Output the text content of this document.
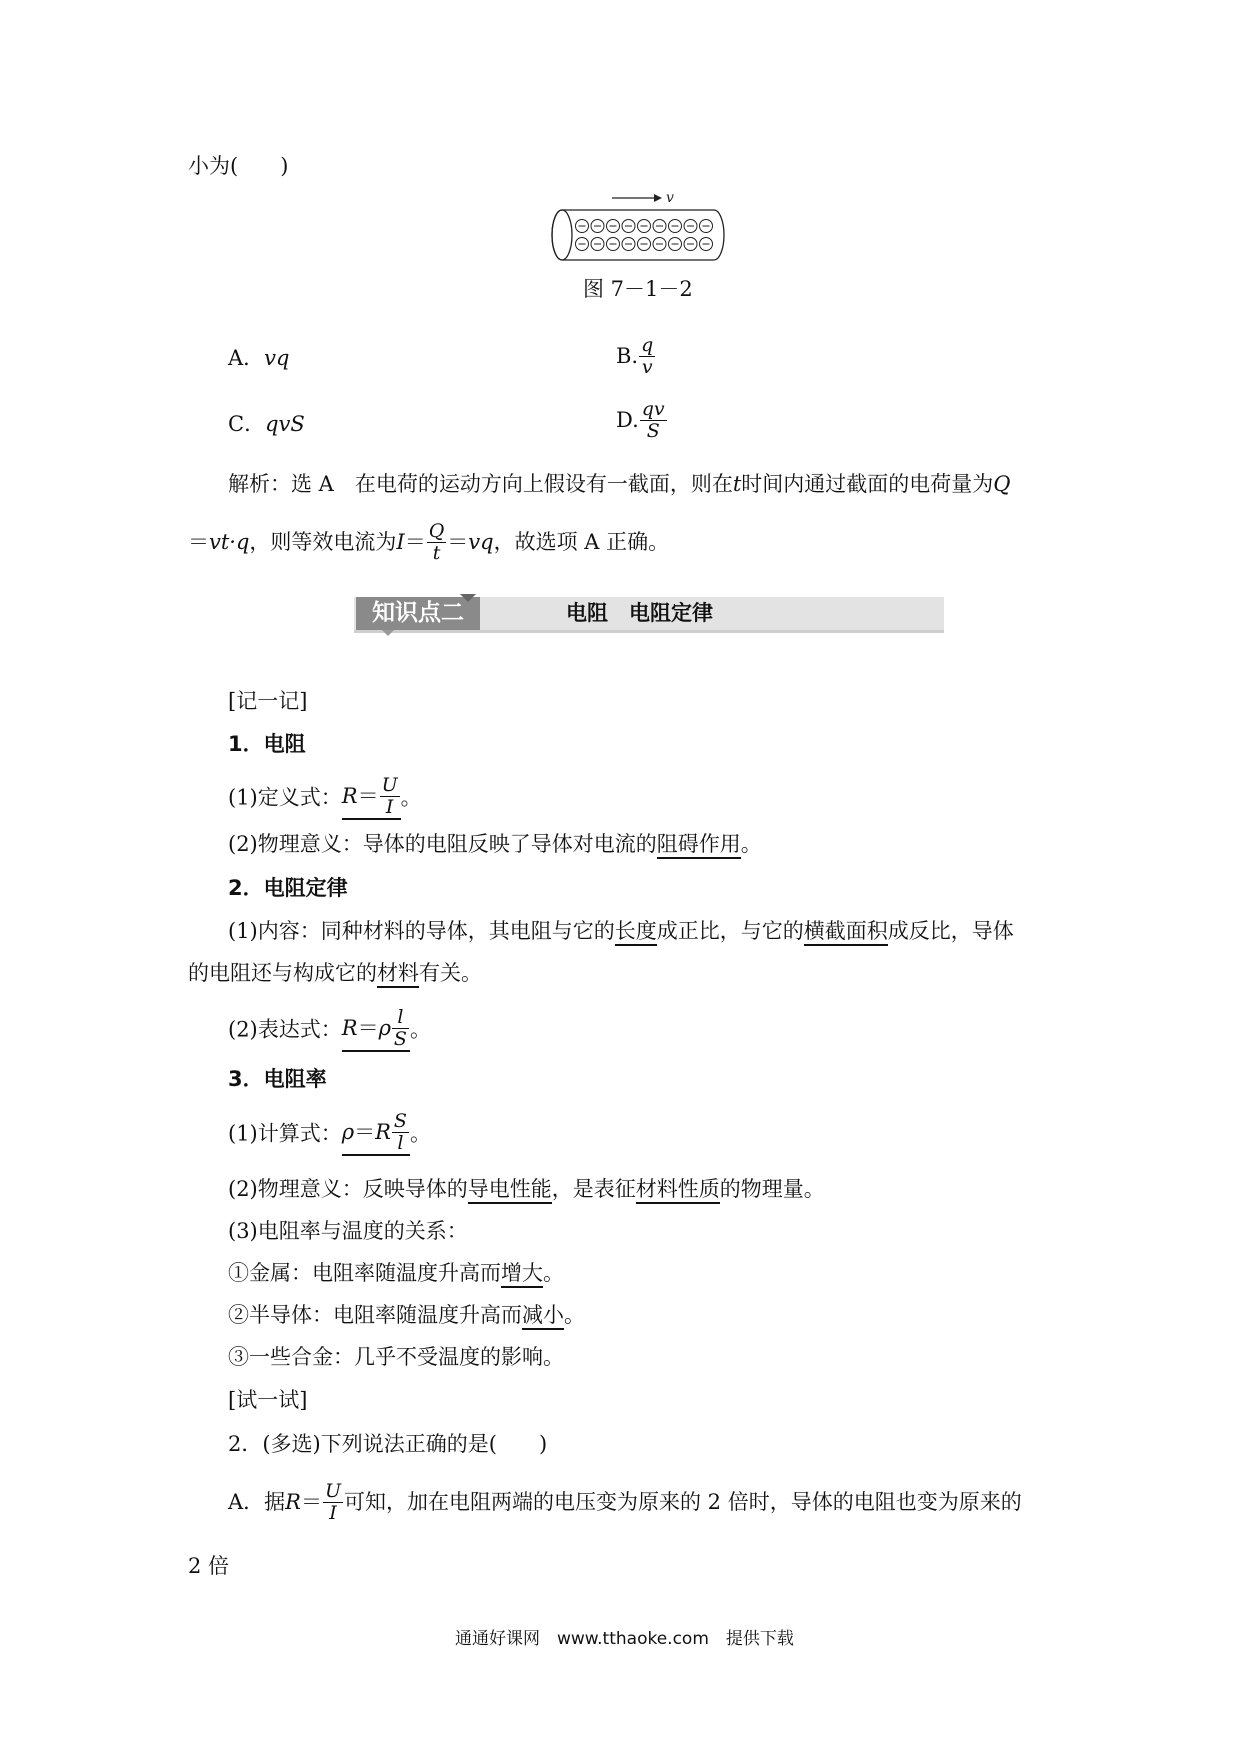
小为(　　)
v
图 7－1－2
A．vq	B. $\frac{q}{v}$
C．qvS	D. $\frac{qv}{S}$
解析：选 A　在电荷的运动方向上假设有一截面，则在t时间内通过截面的电荷量为Q
＝vt·q，则等效电流为$I= \frac{Q}{t} =vq$，故选项 A 正确。
知识点二	电阻　电阻定律
[记一记]
1．电阻
(1)定义式：$R= \frac{U}{I}$ 。
(2)物理意义：导体的电阻反映了导体对电流的阻碍作用。
2．电阻定律
(1)内容：同种材料的导体，其电阻与它的长度成正比，与它的横截面积成反比，导体
的电阻还与构成它的材料有关。
(2)表达式：$R=\rho \frac{l}{S}$ 。
3．电阻率
(1)计算式：$\rho=R \frac{S}{l}$ 。
(2)物理意义：反映导体的导电性能，是表征材料性质的物理量。
(3)电阻率与温度的关系：
①金属：电阻率随温度升高而增大。
②半导体：电阻率随温度升高而减小。
③一些合金：几乎不受温度的影响。
[试一试]
2．(多选)下列说法正确的是(　　)
A．据$R= \frac{U}{I}$ 可知，加在电阻两端的电压变为原来的 2 倍时，导体的电阻也变为原来的
2 倍
通通好课网　www.tthaoke.com　提供下载
